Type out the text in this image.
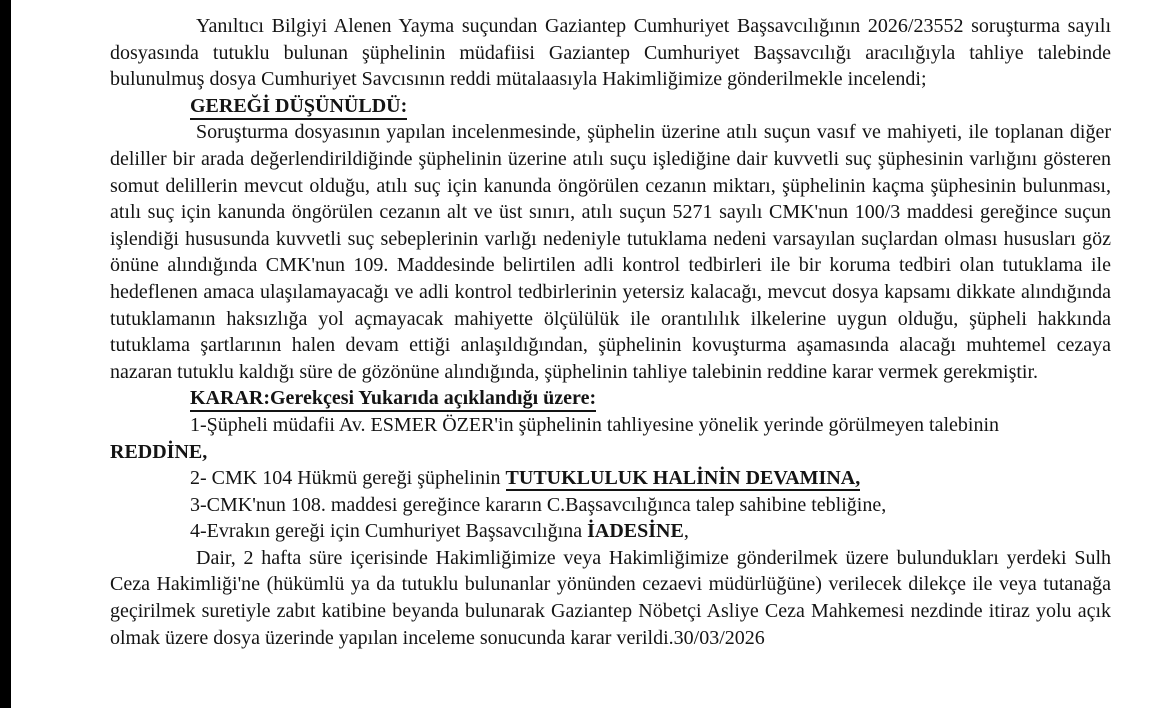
Yanıltıcı Bilgiyi Alenen Yayma suçundan Gaziantep Cumhuriyet Başsavcılığının 2026/23552 soruşturma sayılı dosyasında tutuklu bulunan şüphelinin müdafiisi Gaziantep Cumhuriyet Başsavcılığı aracılığıyla tahliye talebinde bulunulmuş dosya Cumhuriyet Savcısının reddi mütalaasıyla Hakimliğimize gönderilmekle incelendi;

GEREĞİ DÜŞÜNÜLDÜ:

Soruşturma dosyasının yapılan incelenmesinde, şüphelin üzerine atılı suçun vasıf ve mahiyeti, ile toplanan diğer deliller bir arada değerlendirildiğinde şüphelinin üzerine atılı suçu işlediğine dair kuvvetli suç şüphesinin varlığını gösteren somut delillerin mevcut olduğu, atılı suç için kanunda öngörülen cezanın miktarı, şüphelinin kaçma şüphesinin bulunması, atılı suç için kanunda öngörülen cezanın alt ve üst sınırı, atılı suçun 5271 sayılı CMK'nun 100/3 maddesi gereğince suçun işlendiği hususunda kuvvetli suç sebeplerinin varlığı nedeniyle tutuklama nedeni varsayılan suçlardan olması hususları göz önüne alındığında CMK'nun 109. Maddesinde belirtilen adli kontrol tedbirleri ile bir koruma tedbiri olan tutuklama ile hedeflenen amaca ulaşılamayacağı ve adli kontrol tedbirlerinin yetersiz kalacağı, mevcut dosya kapsamı dikkate alındığında tutuklamanın haksızlığa yol açmayacak mahiyette ölçülülük ile orantılılık ilkelerine uygun olduğu, şüpheli hakkında tutuklama şartlarının halen devam ettiği anlaşıldığından, şüphelinin kovuşturma aşamasında alacağı muhtemel cezaya nazaran tutuklu kaldığı süre de gözönüne alındığında, şüphelinin tahliye talebinin reddine karar vermek gerekmiştir.

KARAR:Gerekçesi Yukarıda açıklandığı üzere:
1-Şüpheli müdafii Av. ESMER ÖZER'in şüphelinin tahliyesine yönelik yerinde görülmeyen talebinin
REDDİNE,
2- CMK 104 Hükmü gereği şüphelinin TUTUKLULUK HALİNİN DEVAMINA,
3-CMK'nun 108. maddesi gereğince kararın C.Başsavcılığınca talep sahibine tebliğine,
4-Evrakın gereği için Cumhuriyet Başsavcılığına İADESİNE,

Dair, 2 hafta süre içerisinde Hakimliğimize veya Hakimliğimize gönderilmek üzere bulundukları yerdeki Sulh Ceza Hakimliği'ne (hükümlü ya da tutuklu bulunanlar yönünden cezaevi müdürlüğüne) verilecek dilekçe ile veya tutanağa geçirilmek suretiyle zabıt katibine beyanda bulunarak Gaziantep Nöbetçi Asliye Ceza Mahkemesi nezdinde itiraz yolu açık olmak üzere dosya üzerinde yapılan inceleme sonucunda karar verildi.30/03/2026
